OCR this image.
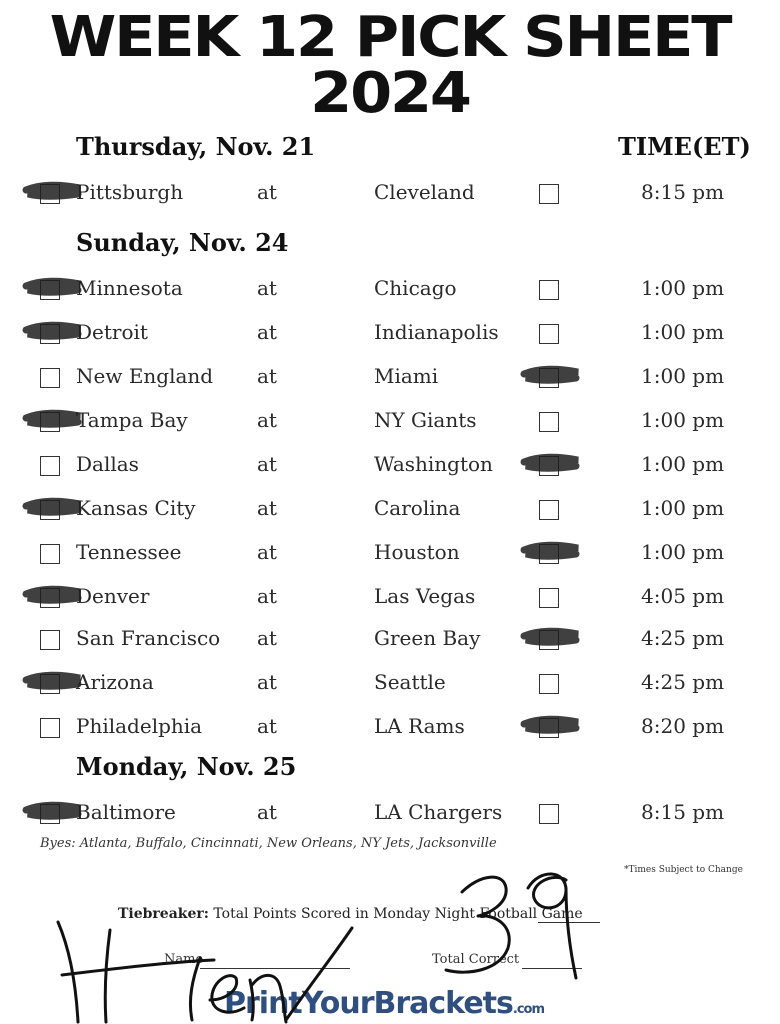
WEEK 12 PICK SHEET
2024
Thursday, Nov. 21	TIME(ET)
Sunday, Nov. 24
Monday, Nov. 25
Pittsburgh	at	Cleveland	8:15 pm
Minnesota	at	Chicago	1:00 pm
Detroit	at	Indianapolis	1:00 pm
New England at	Miami	1:00 pm
Tampa Bay	at	NY Giants	1:00 pm
Dallas	at	Washington	1:00 pm
Kansas City	at	Carolina	1:00 pm
Tennessee	at	Houston	1:00 pm
Denver	at	Las Vegas	4:05 pm
San Francisco at	Green Bay	4:25 pm
Arizona	at	Seattle	4:25 pm
Philadelphia	at	LA Rams	8:20 pm
Baltimore	at	LA Chargers	8:15 pm
Byes: Atlanta, Buffalo, Cincinnati, New Orleans, NY Jets, Jacksonville
*Times Subject to Change
Tiebreaker: Total Points Scored in Monday Night Football Game
Name	Total Correct
PrintYourBrackets.com
